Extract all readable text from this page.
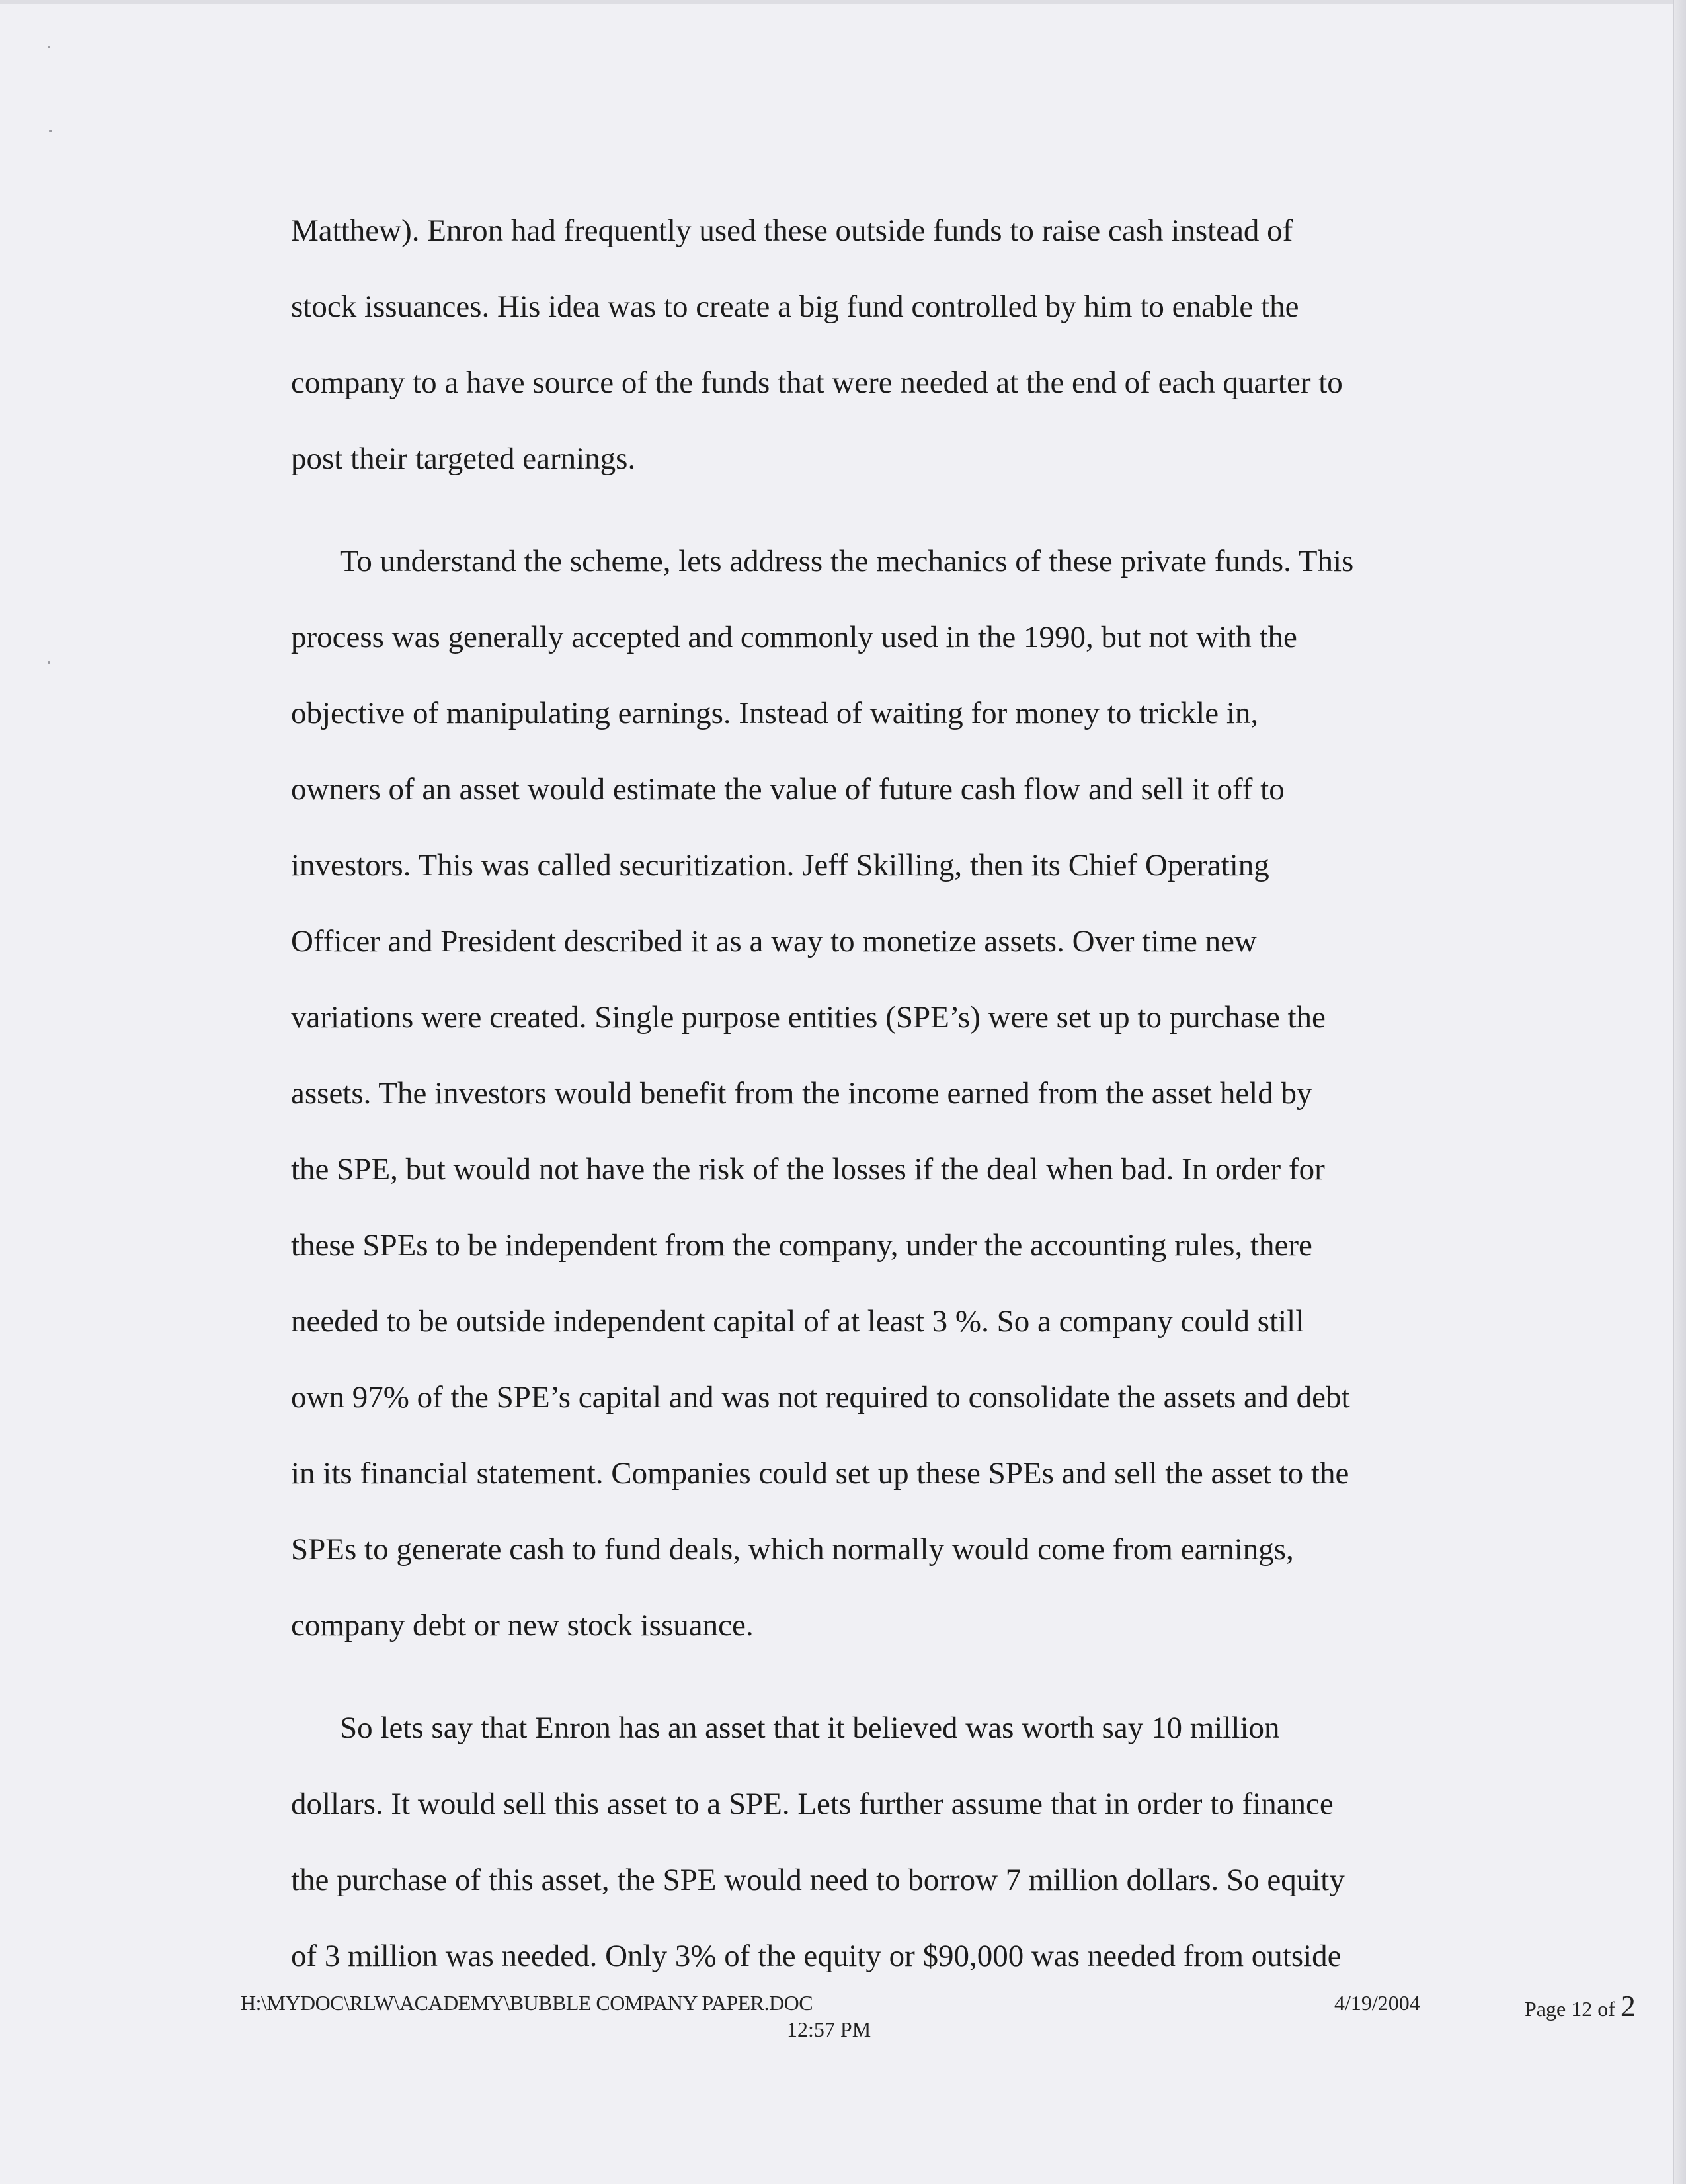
Matthew). Enron had frequently used these outside funds to raise cash instead of
stock issuances. His idea was to create a big fund controlled by him to enable the
company to a have source of the funds that were needed at the end of each quarter to
post their targeted earnings.
To understand the scheme, lets address the mechanics of these private funds. This
process was generally accepted and commonly used in the 1990, but not with the
objective of manipulating earnings. Instead of waiting for money to trickle in,
owners of an asset would estimate the value of future cash flow and sell it off to
investors. This was called securitization. Jeff Skilling, then its Chief Operating
Officer and President described it as a way to monetize assets. Over time new
variations were created. Single purpose entities (SPE’s) were set up to purchase the
assets. The investors would benefit from the income earned from the asset held by
the SPE, but would not have the risk of the losses if the deal when bad. In order for
these SPEs to be independent from the company, under the accounting rules, there
needed to be outside independent capital of at least 3 %. So a company could still
own 97% of the SPE’s capital and was not required to consolidate the assets and debt
in its financial statement. Companies could set up these SPEs and sell the asset to the
SPEs to generate cash to fund deals, which normally would come from earnings,
company debt or new stock issuance.
So lets say that Enron has an asset that it believed was worth say 10 million
dollars. It would sell this asset to a SPE. Lets further assume that in order to finance
the purchase of this asset, the SPE would need to borrow 7 million dollars. So equity
of 3 million was needed. Only 3% of the equity or $90,000 was needed from outside
H:\MYDOC\RLW\ACADEMY\BUBBLE COMPANY PAPER.DOC
12:57 PM
4/19/2004	Page 12 of 2
